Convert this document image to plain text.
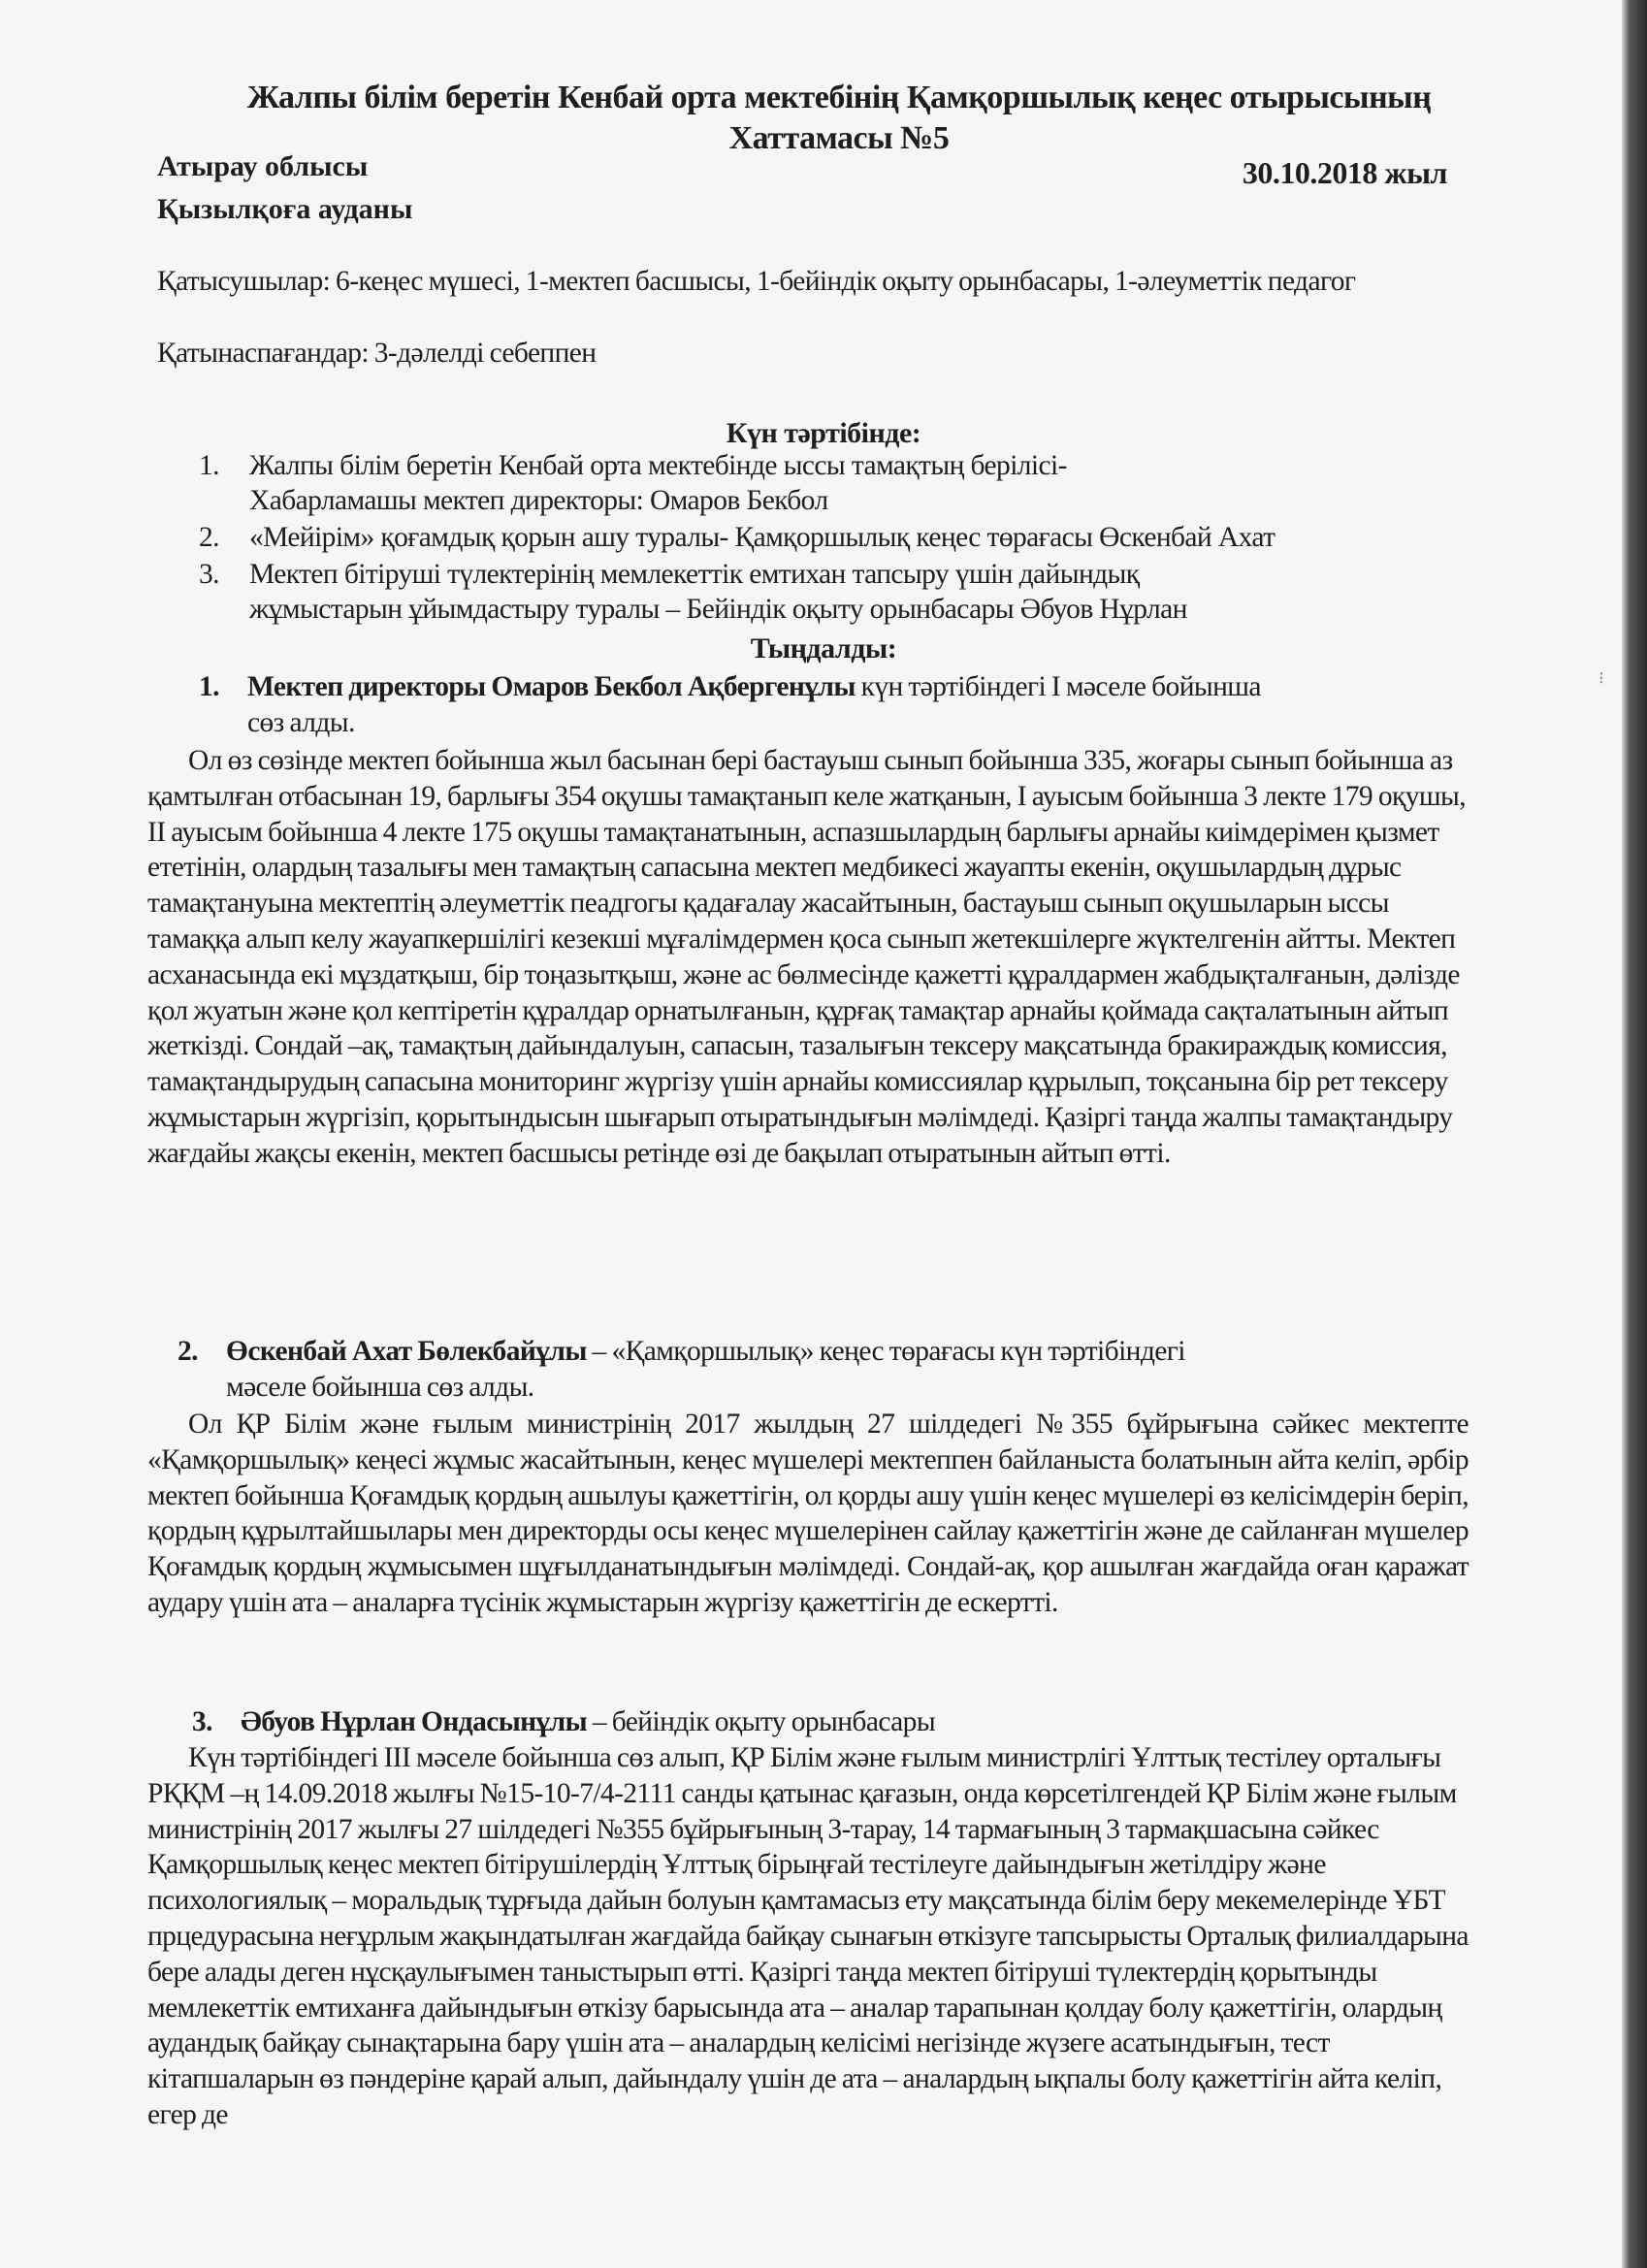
Жалпы білім беретін Кенбай орта мектебінің Қамқоршылық кеңес отырысының
Хаттамасы №5
Атырау облысы
Қызылқоға ауданы
30.10.2018 жыл
Қатысушылар: 6-кеңес мүшесі, 1-мектеп басшысы, 1-бейіндік оқыту орынбасары, 1-әлеуметтік педагог
Қатынаспағандар: 3-дәлелді себеппен
Күн тәртібінде:
1.	Жалпы білім беретін Кенбай орта мектебінде ыссы тамақтың берілісі-
Хабарламашы мектеп директоры: Омаров Бекбол
2.	«Мейірім» қоғамдық қорын ашу туралы- Қамқоршылық кеңес төрағасы Өскенбай Ахат
3.	Мектеп бітіруші түлектерінің мемлекеттік емтихан тапсыру үшін дайындық
жұмыстарын ұйымдастыру туралы – Бейіндік оқыту орынбасары Әбуов Нұрлан
Тыңдалды:
1. Мектеп директоры Омаров Бекбол Ақбергенұлы күн тәртібіндегі І мәселе бойынша
сөз алды.
Ол өз сөзінде мектеп бойынша жыл басынан бері бастауыш сынып бойынша 335, жоғары сынып бойынша аз қамтылған отбасынан 19, барлығы 354 оқушы тамақтанып келе жатқанын, І ауысым бойынша 3 лекте 179 оқушы, ІІ ауысым бойынша 4 лекте 175 оқушы тамақтанатынын, аспазшылардың барлығы арнайы киімдерімен қызмет ететінін, олардың тазалығы мен тамақтың сапасына мектеп медбикесі жауапты екенін, оқушылардың дұрыс тамақтануына мектептің әлеуметтік пеадгогы қадағалау жасайтынын, бастауыш сынып оқушыларын ыссы тамаққа алып келу жауапкершілігі кезекші мұғалімдермен қоса сынып жетекшілерге жүктелгенін айтты. Мектеп асханасында екі мұздатқыш, бір тоңазытқыш, және ас бөлмесінде қажетті құралдармен жабдықталғанын, дәлізде қол жуатын және қол кептіретін құралдар орнатылғанын, құрғақ тамақтар арнайы қоймада сақталатынын айтып жеткізді. Сондай –ақ, тамақтың дайындалуын, сапасын, тазалығын тексеру мақсатында бракираждық комиссия, тамақтандырудың сапасына мониторинг жүргізу үшін арнайы комиссиялар құрылып, тоқсанына бір рет тексеру жұмыстарын жүргізіп, қорытындысын шығарып отыратындығын мәлімдеді. Қазіргі таңда жалпы тамақтандыру жағдайы жақсы екенін, мектеп басшысы ретінде өзі де бақылап отыратынын айтып өтті.
2. Өскенбай Ахат Бөлекбайұлы – «Қамқоршылық» кеңес төрағасы күн тәртібіндегі
мәселе бойынша сөз алды.
Ол ҚР Білім және ғылым министрінің 2017 жылдың 27 шілдедегі №355 бұйрығына сәйкес мектепте «Қамқоршылық» кеңесі жұмыс жасайтынын, кеңес мүшелері мектеппен байланыста болатынын айта келіп, әрбір мектеп бойынша Қоғамдық қордың ашылуы қажеттігін, ол қорды ашу үшін кеңес мүшелері өз келісімдерін беріп, қордың құрылтайшылары мен директорды осы кеңес мүшелерінен сайлау қажеттігін және де сайланған мүшелер Қоғамдық қордың жұмысымен шұғылданатындығын мәлімдеді. Сондай-ақ, қор ашылған жағдайда оған қаражат аудару үшін ата – аналарға түсінік жұмыстарын жүргізу қажеттігін де ескертті.
3. Әбуов Нұрлан Ондасынұлы – бейіндік оқыту орынбасары
Күн тәртібіндегі ІІІ мәселе бойынша сөз алып, ҚР Білім және ғылым министрлігі Ұлттық тестілеу орталығы РҚҚМ –ң 14.09.2018 жылғы №15-10-7/4-2111 санды қатынас қағазын, онда көрсетілгендей ҚР Білім және ғылым министрінің 2017 жылғы 27 шілдедегі №355 бұйрығының 3-тарау, 14 тармағының 3 тармақшасына сәйкес Қамқоршылық кеңес мектеп бітірушілердің Ұлттық бірыңғай тестілеуге дайындығын жетілдіру және психологиялық – моральдық тұрғыда дайын болуын қамтамасыз ету мақсатында білім беру мекемелерінде ҰБТ прцедурасына неғұрлым жақындатылған жағдайда байқау сынағын өткізуге тапсырысты Орталық филиалдарына бере алады деген нұсқаулығымен таныстырып өтті. Қазіргі таңда мектеп бітіруші түлектердің қорытынды мемлекеттік емтиханға дайындығын өткізу барысында ата – аналар тарапынан қолдау болу қажеттігін, олардың аудандық байқау сынақтарына бару үшін ата – аналардың келісімі негізінде жүзеге асатындығын, тест кітапшаларын өз пәндеріне қарай алып, дайындалу үшін де ата – аналардың ықпалы болу қажеттігін айта келіп, егер де
⁝
